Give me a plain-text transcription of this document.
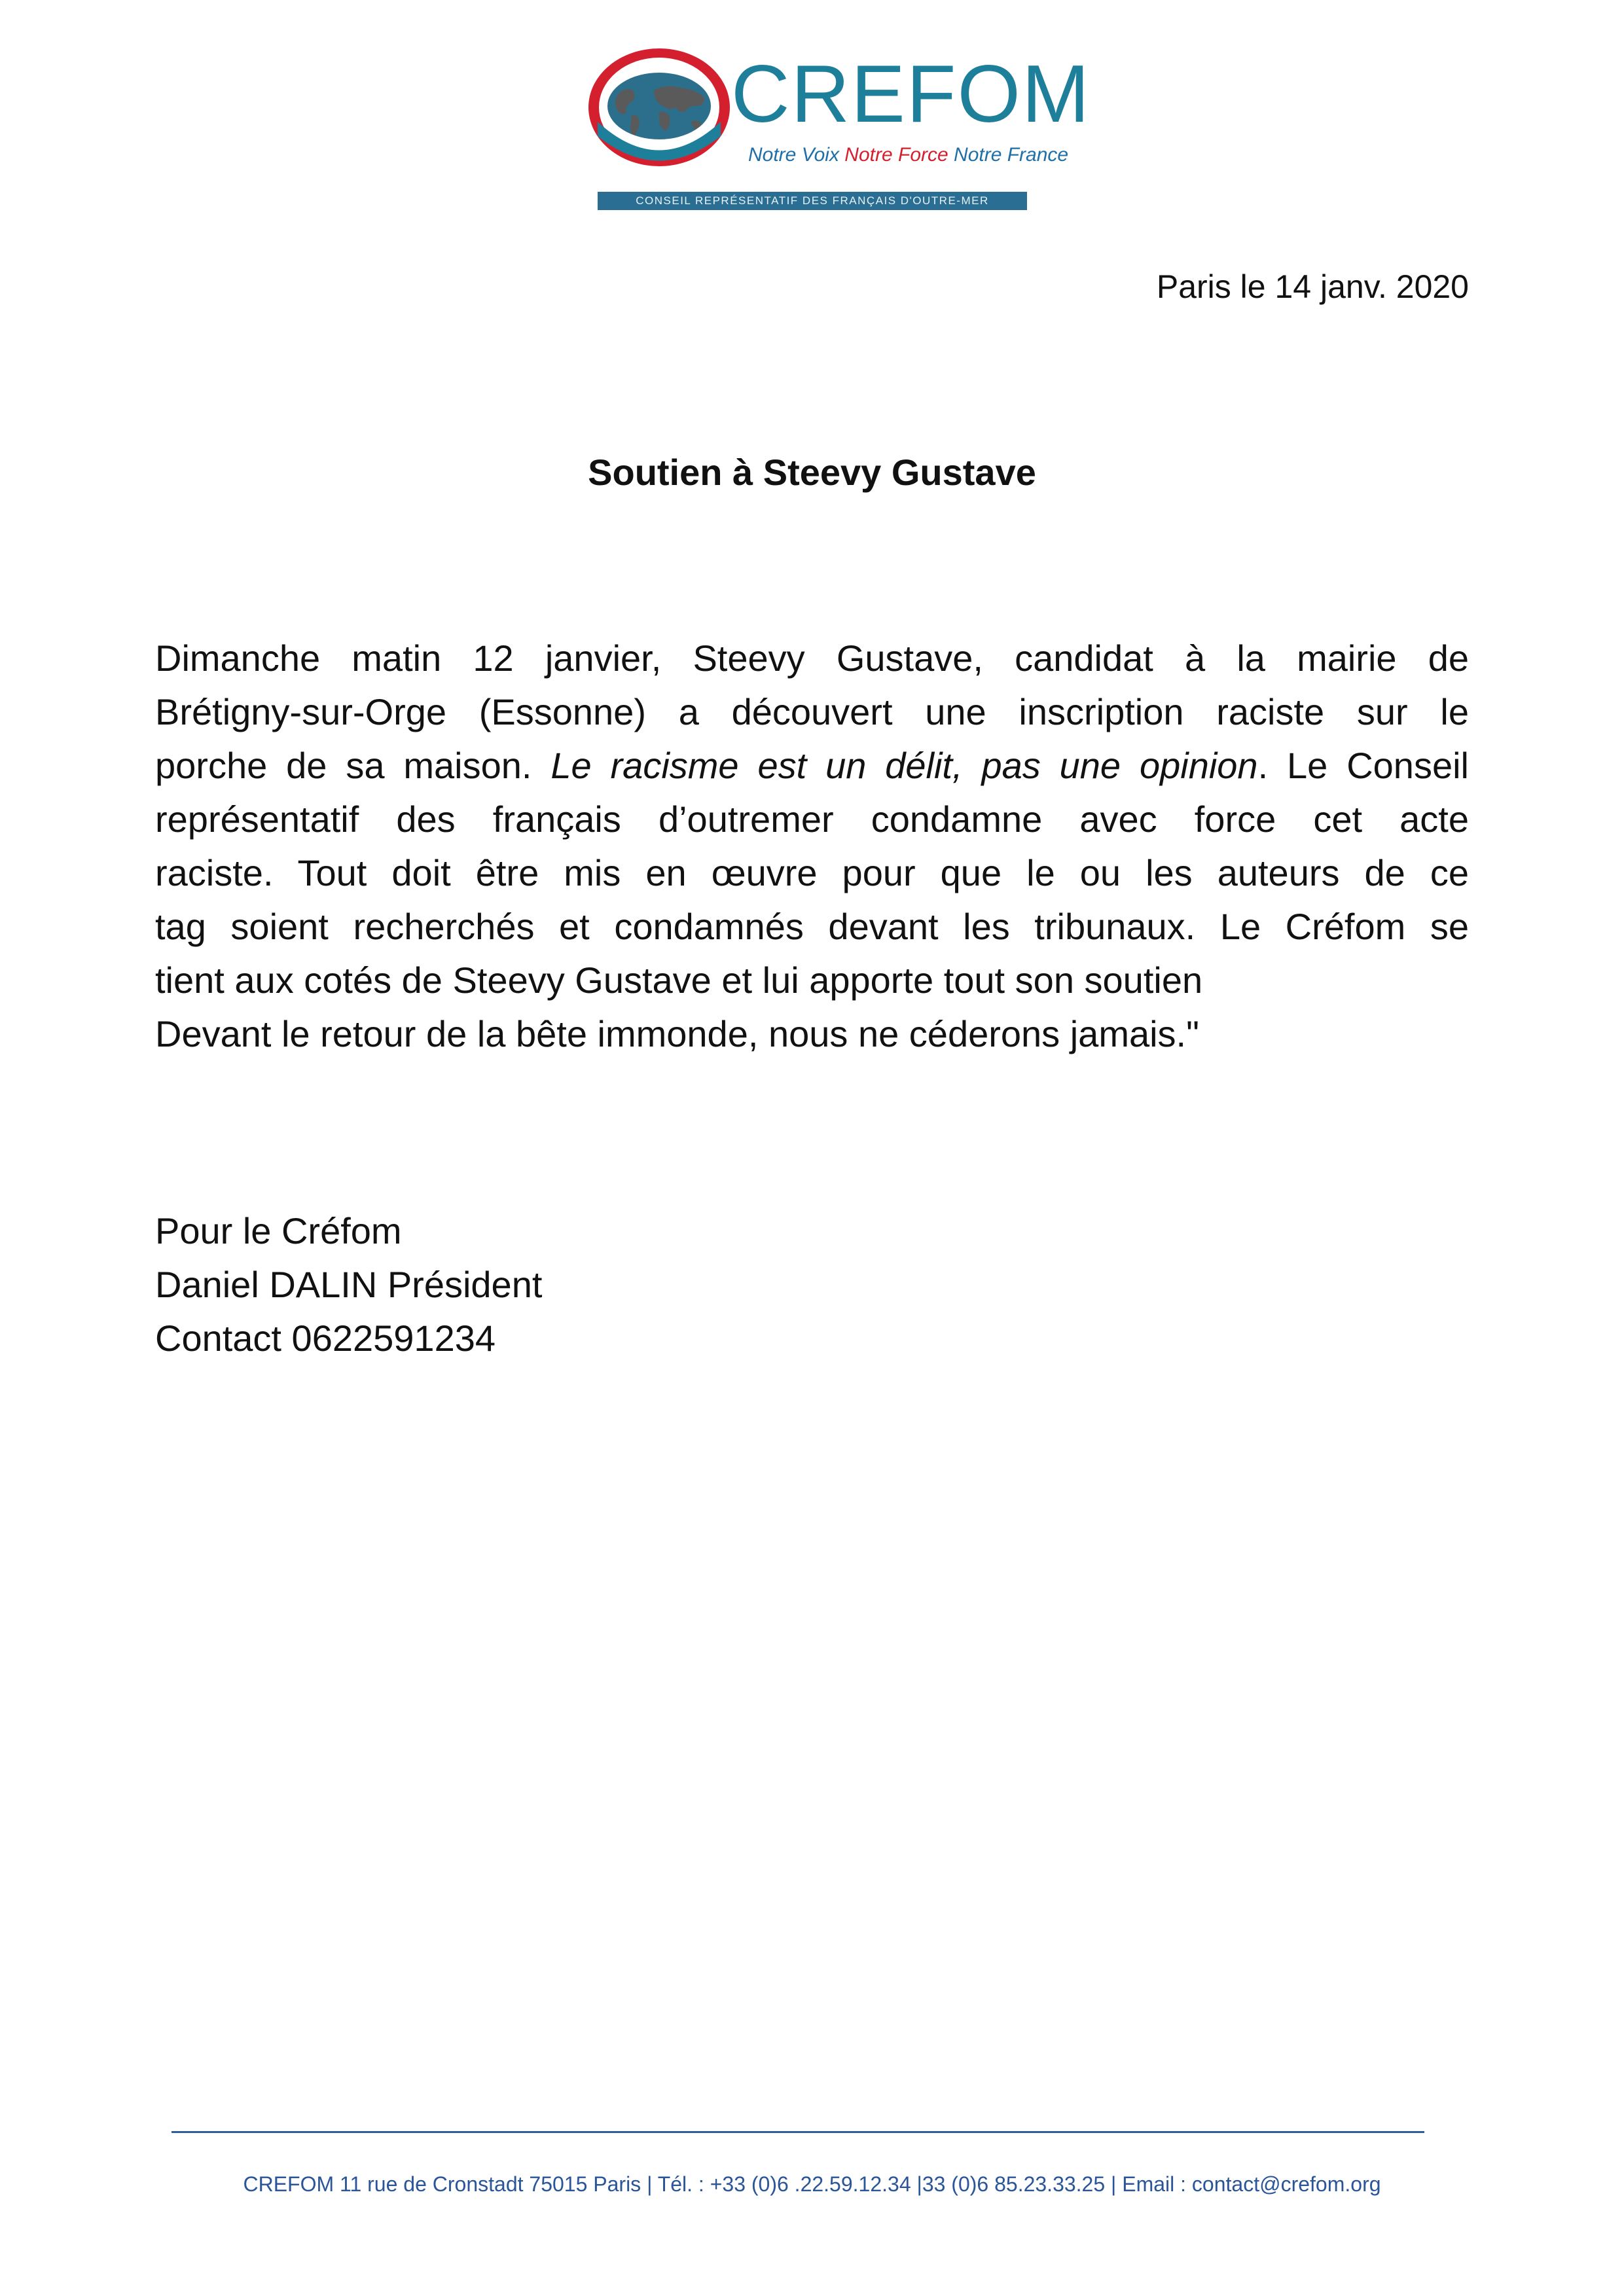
CREFOM
Notre Voix Notre Force Notre France
CONSEIL REPRÉSENTATIF DES FRANÇAIS D'OUTRE-MER
Paris le 14 janv. 2020
Soutien à Steevy Gustave
Dimanche matin 12 janvier, Steevy Gustave, candidat à la mairie de
Brétigny-sur-Orge (Essonne) a découvert une inscription raciste sur le
porche de sa maison. Le racisme est un délit, pas une opinion. Le Conseil
représentatif des français d’outremer condamne avec force cet acte
raciste. Tout doit être mis en œuvre pour que le ou les auteurs de ce
tag soient recherchés et condamnés devant les tribunaux. Le Créfom se
tient aux cotés de Steevy Gustave et lui apporte tout son soutien
Devant le retour de la bête immonde, nous ne céderons jamais."
Pour le Créfom
Daniel DALIN Président
Contact 0622591234
CREFOM 11 rue de Cronstadt 75015 Paris | Tél. : +33 (0)6 .22.59.12.34 |33 (0)6 85.23.33.25 | Email : contact@crefom.org
